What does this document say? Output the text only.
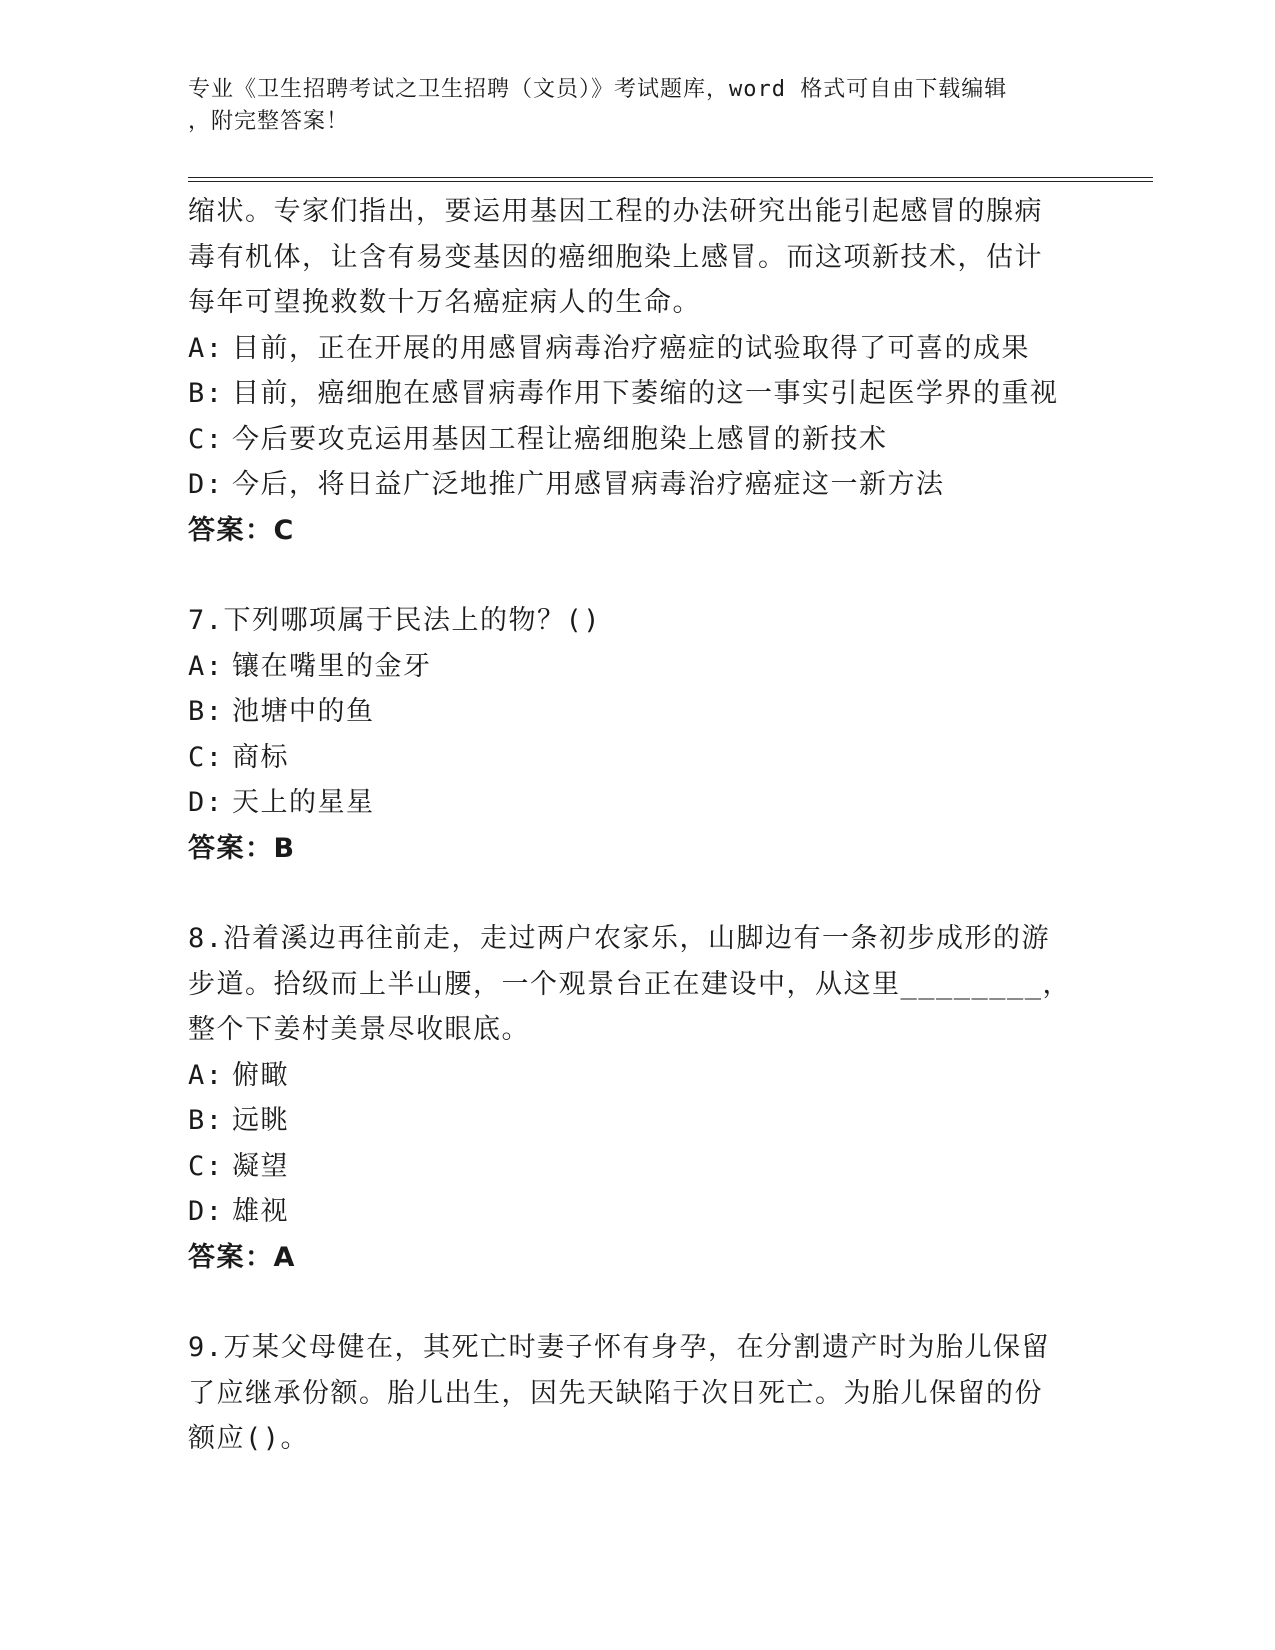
专业《卫生招聘考试之卫生招聘（文员）》考试题库，word 格式可自由下载编辑
，附完整答案！
缩状。专家们指出，要运用基因工程的办法研究出能引起感冒的腺病
毒有机体，让含有易变基因的癌细胞染上感冒。而这项新技术，估计
每年可望挽救数十万名癌症病人的生命。
A: 目前，正在开展的用感冒病毒治疗癌症的试验取得了可喜的成果
B: 目前，癌细胞在感冒病毒作用下萎缩的这一事实引起医学界的重视
C: 今后要攻克运用基因工程让癌细胞染上感冒的新技术
D: 今后，将日益广泛地推广用感冒病毒治疗癌症这一新方法
答案：C
7.下列哪项属于民法上的物？()
A: 镶在嘴里的金牙
B: 池塘中的鱼
C: 商标
D: 天上的星星
答案：B
8.沿着溪边再往前走，走过两户农家乐，山脚边有一条初步成形的游
步道。拾级而上半山腰，一个观景台正在建设中，从这里________，
整个下姜村美景尽收眼底。
A: 俯瞰
B: 远眺
C: 凝望
D: 雄视
答案：A
9.万某父母健在，其死亡时妻子怀有身孕，在分割遗产时为胎儿保留
了应继承份额。胎儿出生，因先天缺陷于次日死亡。为胎儿保留的份
额应()。
